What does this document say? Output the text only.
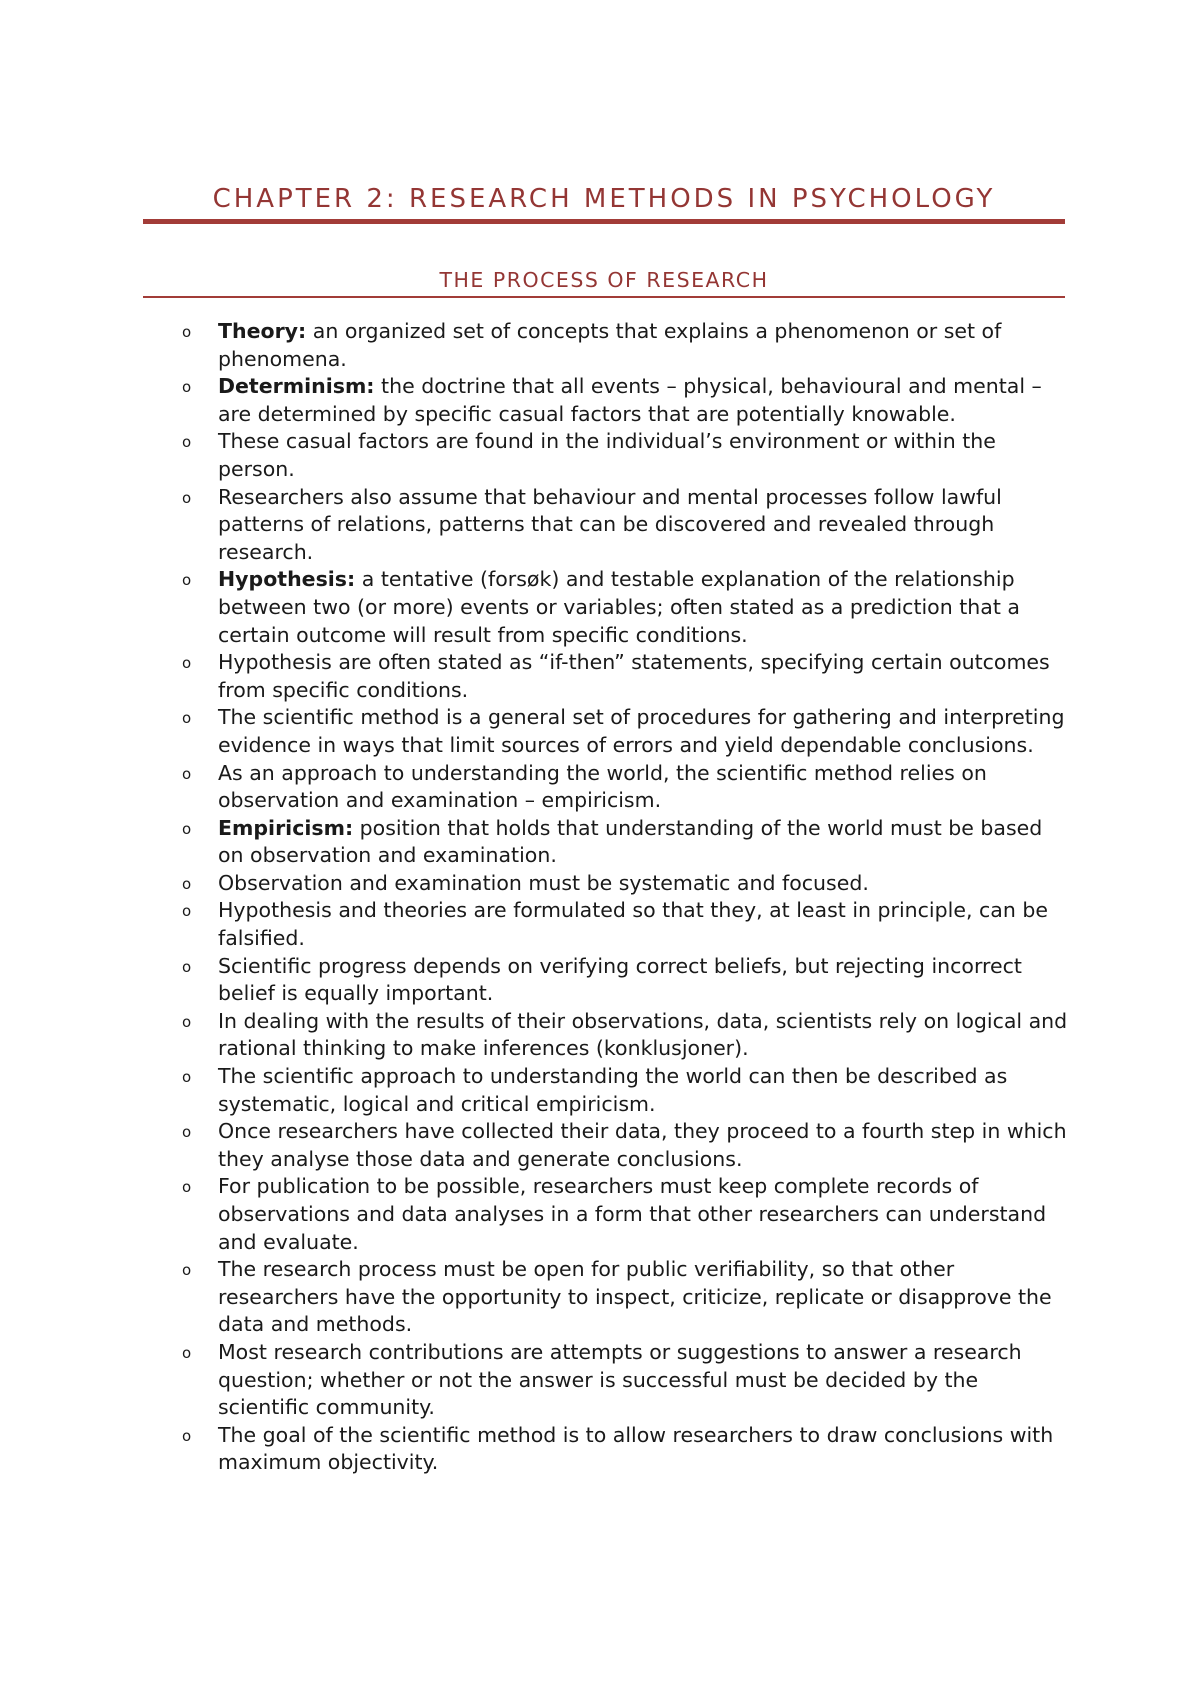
CHAPTER 2: RESEARCH METHODS IN PSYCHOLOGY
THE PROCESS OF RESEARCH
o Theory: an organized set of concepts that explains a phenomenon or set of phenomena.
o Determinism: the doctrine that all events – physical, behavioural and mental – are determined by specific casual factors that are potentially knowable.
o These casual factors are found in the individual’s environment or within the person.
o Researchers also assume that behaviour and mental processes follow lawful patterns of relations, patterns that can be discovered and revealed through research.
o Hypothesis: a tentative (forsøk) and testable explanation of the relationship between two (or more) events or variables; often stated as a prediction that a certain outcome will result from specific conditions.
o Hypothesis are often stated as “if-then” statements, specifying certain outcomes from specific conditions.
o The scientific method is a general set of procedures for gathering and interpreting evidence in ways that limit sources of errors and yield dependable conclusions.
o As an approach to understanding the world, the scientific method relies on observation and examination – empiricism.
o Empiricism: position that holds that understanding of the world must be based on observation and examination.
o Observation and examination must be systematic and focused.
o Hypothesis and theories are formulated so that they, at least in principle, can be falsified.
o Scientific progress depends on verifying correct beliefs, but rejecting incorrect belief is equally important.
o In dealing with the results of their observations, data, scientists rely on logical and rational thinking to make inferences (konklusjoner).
o The scientific approach to understanding the world can then be described as systematic, logical and critical empiricism.
o Once researchers have collected their data, they proceed to a fourth step in which they analyse those data and generate conclusions.
o For publication to be possible, researchers must keep complete records of observations and data analyses in a form that other researchers can understand and evaluate.
o The research process must be open for public verifiability, so that other researchers have the opportunity to inspect, criticize, replicate or disapprove the data and methods.
o Most research contributions are attempts or suggestions to answer a research question; whether or not the answer is successful must be decided by the scientific community.
o The goal of the scientific method is to allow researchers to draw conclusions with maximum objectivity.
